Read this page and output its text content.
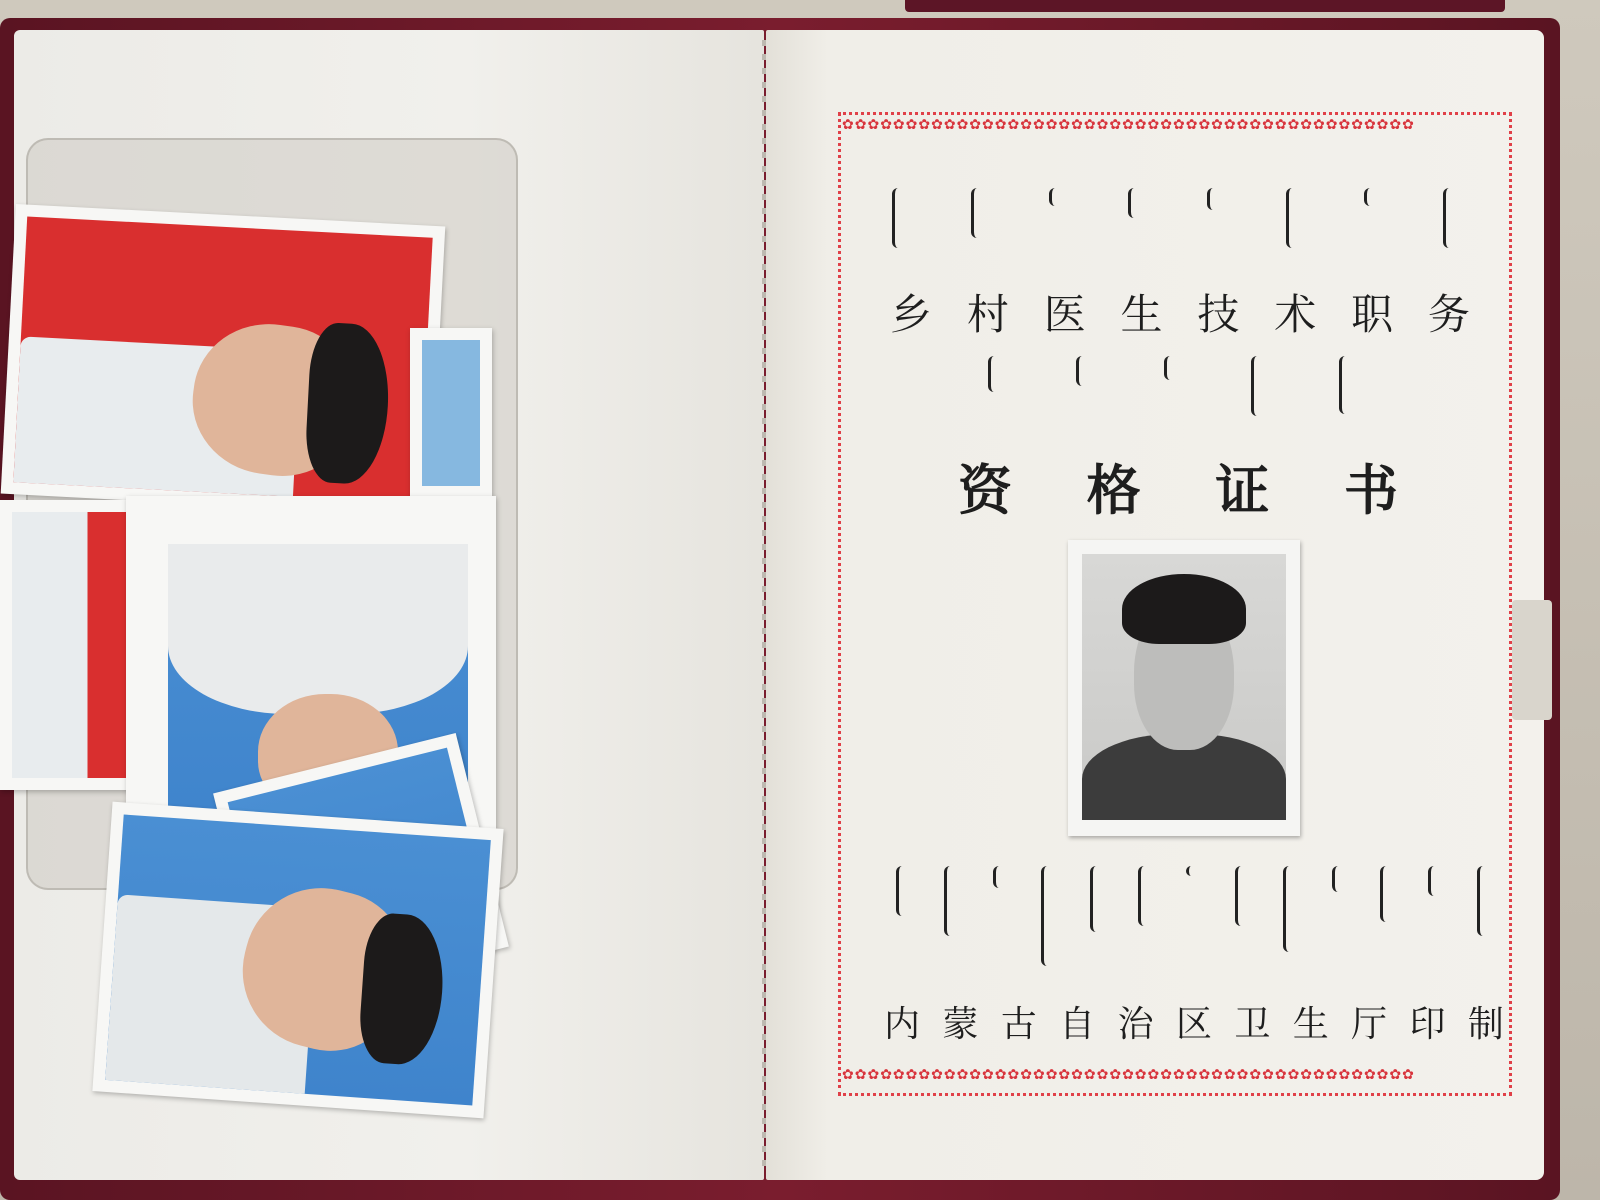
✿✿✿✿✿✿✿✿✿✿✿✿✿✿✿✿✿✿✿✿✿✿✿✿✿✿✿✿✿✿✿✿✿✿✿✿✿✿✿✿✿✿✿✿✿
✿✿✿✿✿✿✿✿✿✿✿✿✿✿✿✿✿✿✿✿✿✿✿✿✿✿✿✿✿✿✿✿✿✿✿✿✿✿✿✿✿✿✿✿✿
乡 村 医 生 技 术 职 务
资 格 证 书
内 蒙 古 自 治 区 卫 生 厅 印 制
